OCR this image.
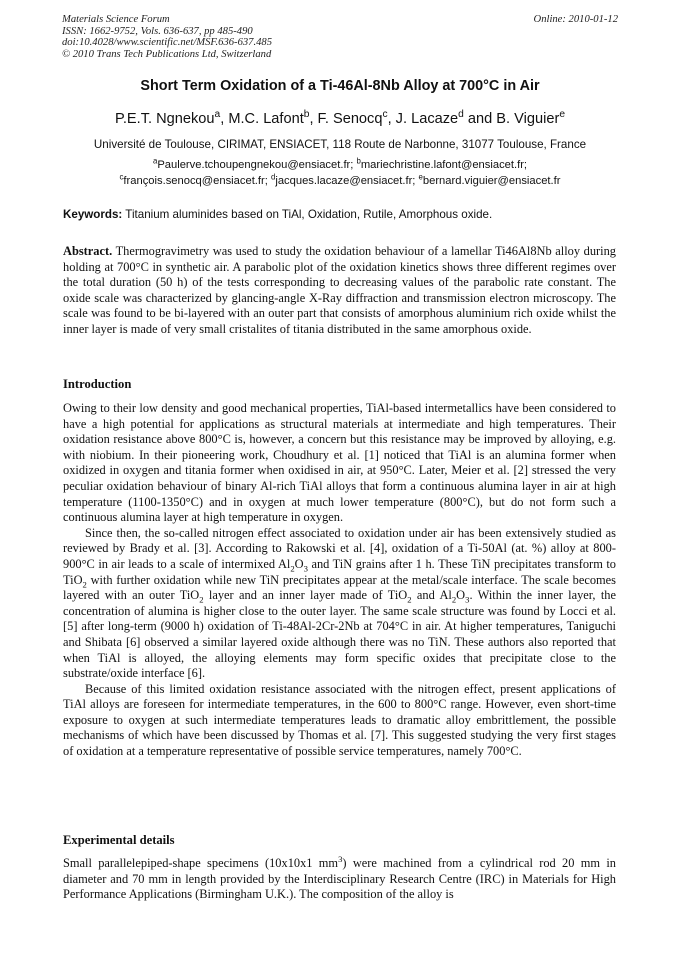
Materials Science Forum
ISSN: 1662-9752, Vols. 636-637, pp 485-490
doi:10.4028/www.scientific.net/MSF.636-637.485
© 2010 Trans Tech Publications Ltd, Switzerland
Online: 2010-01-12
Short Term Oxidation of a Ti-46Al-8Nb Alloy at 700°C in Air
P.E.T. Ngnekou$^a$, M.C. Lafont$^b$, F. Senocq$^c$, J. Lacaze$^d$ and B. Viguier$^e$
Université de Toulouse, CIRIMAT, ENSIACET, 118 Route de Narbonne, 31077 Toulouse, France
$^a$Paulerve.tchoupengnekou@ensiacet.fr; $^b$mariechristine.lafont@ensiacet.fr;
$^c$françois.senocq@ensiacet.fr; $^d$jacques.lacaze@ensiacet.fr; $^e$bernard.viguier@ensiacet.fr
Keywords: Titanium aluminides based on TiAl, Oxidation, Rutile, Amorphous oxide.
Abstract. Thermogravimetry was used to study the oxidation behaviour of a lamellar Ti46Al8Nb alloy during holding at 700°C in synthetic air. A parabolic plot of the oxidation kinetics shows three different regimes over the total duration (50 h) of the tests corresponding to decreasing values of the parabolic rate constant. The oxide scale was characterized by glancing-angle X-Ray diffraction and transmission electron microscopy. The scale was found to be bi-layered with an outer part that consists of amorphous aluminium rich oxide whilst the inner layer is made of very small cristalites of titania distributed in the same amorphous oxide.
Introduction

Owing to their low density and good mechanical properties, TiAl-based intermetallics have been considered to have a high potential for applications as structural materials at intermediate and high temperatures. Their oxidation resistance above 800°C is, however, a concern but this resistance may be improved by alloying, e.g. with niobium. In their pioneering work, Choudhury et al. [1] noticed that TiAl is an alumina former when oxidized in oxygen and titania former when oxidised in air, at 950°C. Later, Meier et al. [2] stressed the very peculiar oxidation behaviour of binary Al-rich TiAl alloys that form a continuous alumina layer in air at high temperature (1100-1350°C) and in oxygen at much lower temperature (800°C), but do not form such a continuous alumina layer at high temperature in oxygen.

Since then, the so-called nitrogen effect associated to oxidation under air has been extensively studied as reviewed by Brady et al. [3]. According to Rakowski et al. [4], oxidation of a Ti-50Al (at. %) alloy at 800-900°C in air leads to a scale of intermixed $Al_2O_3$ and TiN grains after 1 h. These TiN precipitates transform to TiO$_2$ with further oxidation while new TiN precipitates appear at the metal/scale interface. The scale becomes layered with an outer TiO$_2$ layer and an inner layer made of TiO$_2$ and $Al_2O_3$. Within the inner layer, the concentration of alumina is higher close to the outer layer. The same scale structure was found by Locci et al. [5] after long-term (9000 h) oxidation of Ti-48Al-2Cr-2Nb at 704°C in air. At higher temperatures, Taniguchi and Shibata [6] observed a similar layered oxide although there was no TiN. These authors also reported that when TiAl is alloyed, the alloying elements may form specific oxides that precipitate close to the substrate/oxide interface [6].

Because of this limited oxidation resistance associated with the nitrogen effect, present applications of TiAl alloys are foreseen for intermediate temperatures, in the 600 to 800°C range. However, even short-time exposure to oxygen at such intermediate temperatures leads to dramatic alloy embrittlement, the possible mechanisms of which have been discussed by Thomas et al. [7]. This suggested studying the very first stages of oxidation at a temperature representative of possible service temperatures, namely 700°C.

Experimental details
Small parallelepiped-shape specimens (10x10x1 $mm^3$) were machined from a cylindrical rod 20 mm in diameter and 70 mm in length provided by the Interdisciplinary Research Centre (IRC) in Materials for High Performance Applications (Birmingham U.K.). The composition of the alloy is
